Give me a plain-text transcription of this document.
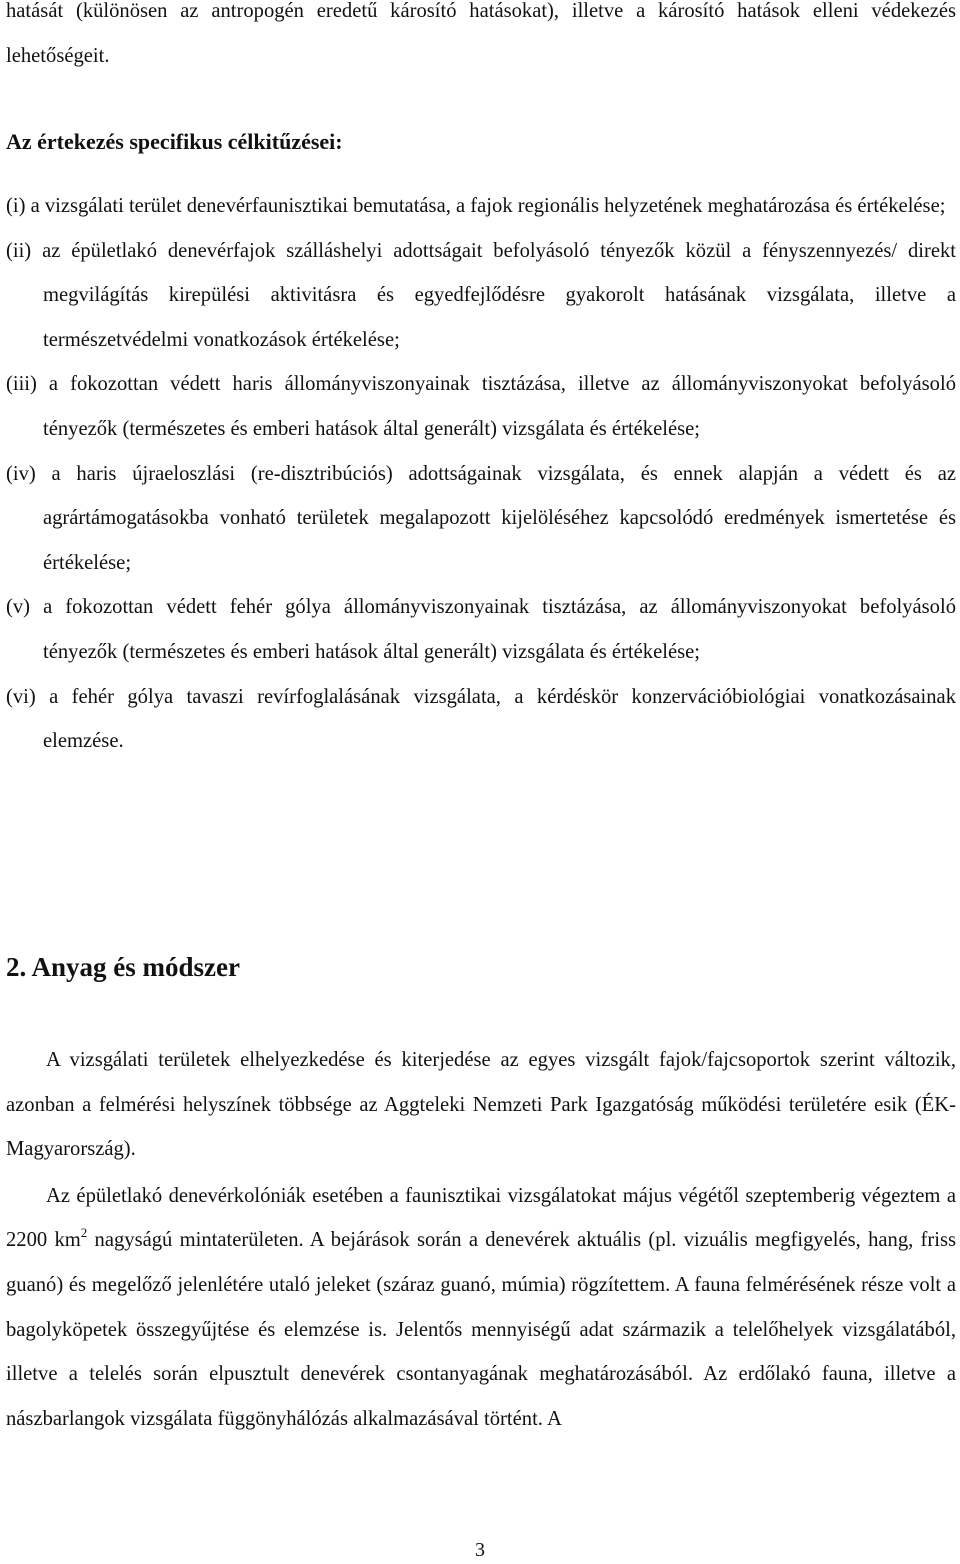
hatását (különösen az antropogén eredetű károsító hatásokat), illetve a károsító hatások elleni védekezés lehetőségeit.

Az értekezés specifikus célkitűzései:
(i) a vizsgálati terület denevérfaunisztikai bemutatása, a fajok regionális helyzetének meghatározása és értékelése;
(ii) az épületlakó denevérfajok szálláshelyi adottságait befolyásoló tényezők közül a fényszennyezés/ direkt megvilágítás kirepülési aktivitásra és egyedfejlődésre gyakorolt hatásának vizsgálata, illetve a természetvédelmi vonatkozások értékelése;
(iii) a fokozottan védett haris állományviszonyainak tisztázása, illetve az állományviszonyokat befolyásoló tényezők (természetes és emberi hatások által generált) vizsgálata és értékelése;
(iv) a haris újraeloszlási (re-disztribúciós) adottságainak vizsgálata, és ennek alapján a védett és az agrártámogatásokba vonható területek megalapozott kijelöléséhez kapcsolódó eredmények ismertetése és értékelése;
(v) a fokozottan védett fehér gólya állományviszonyainak tisztázása, az állományviszonyokat befolyásoló tényezők (természetes és emberi hatások által generált) vizsgálata és értékelése;
(vi) a fehér gólya tavaszi revírfoglalásának vizsgálata, a kérdéskör konzervációbiológiai vonatkozásainak elemzése.
2. Anyag és módszer

A vizsgálati területek elhelyezkedése és kiterjedése az egyes vizsgált fajok/fajcsoportok szerint változik, azonban a felmérési helyszínek többsége az Aggteleki Nemzeti Park Igazgatóság működési területére esik (ÉK-Magyarország).

Az épületlakó denevérkolóniák esetében a faunisztikai vizsgálatokat május végétől szeptemberig végeztem a 2200 $km^2$ nagyságú mintaterületen. A bejárások során a denevérek aktuális (pl. vizuális megfigyelés, hang, friss guanó) és megelőző jelenlétére utaló jeleket (száraz guanó, múmia) rögzítettem. A fauna felmérésének része volt a bagolyköpetek összegyűjtése és elemzése is. Jelentős mennyiségű adat származik a telelőhelyek vizsgálatából, illetve a telelés során elpusztult denevérek csontanyagának meghatározásából. Az erdőlakó fauna, illetve a nászbarlangok vizsgálata függönyhálózás alkalmazásával történt. A

3
